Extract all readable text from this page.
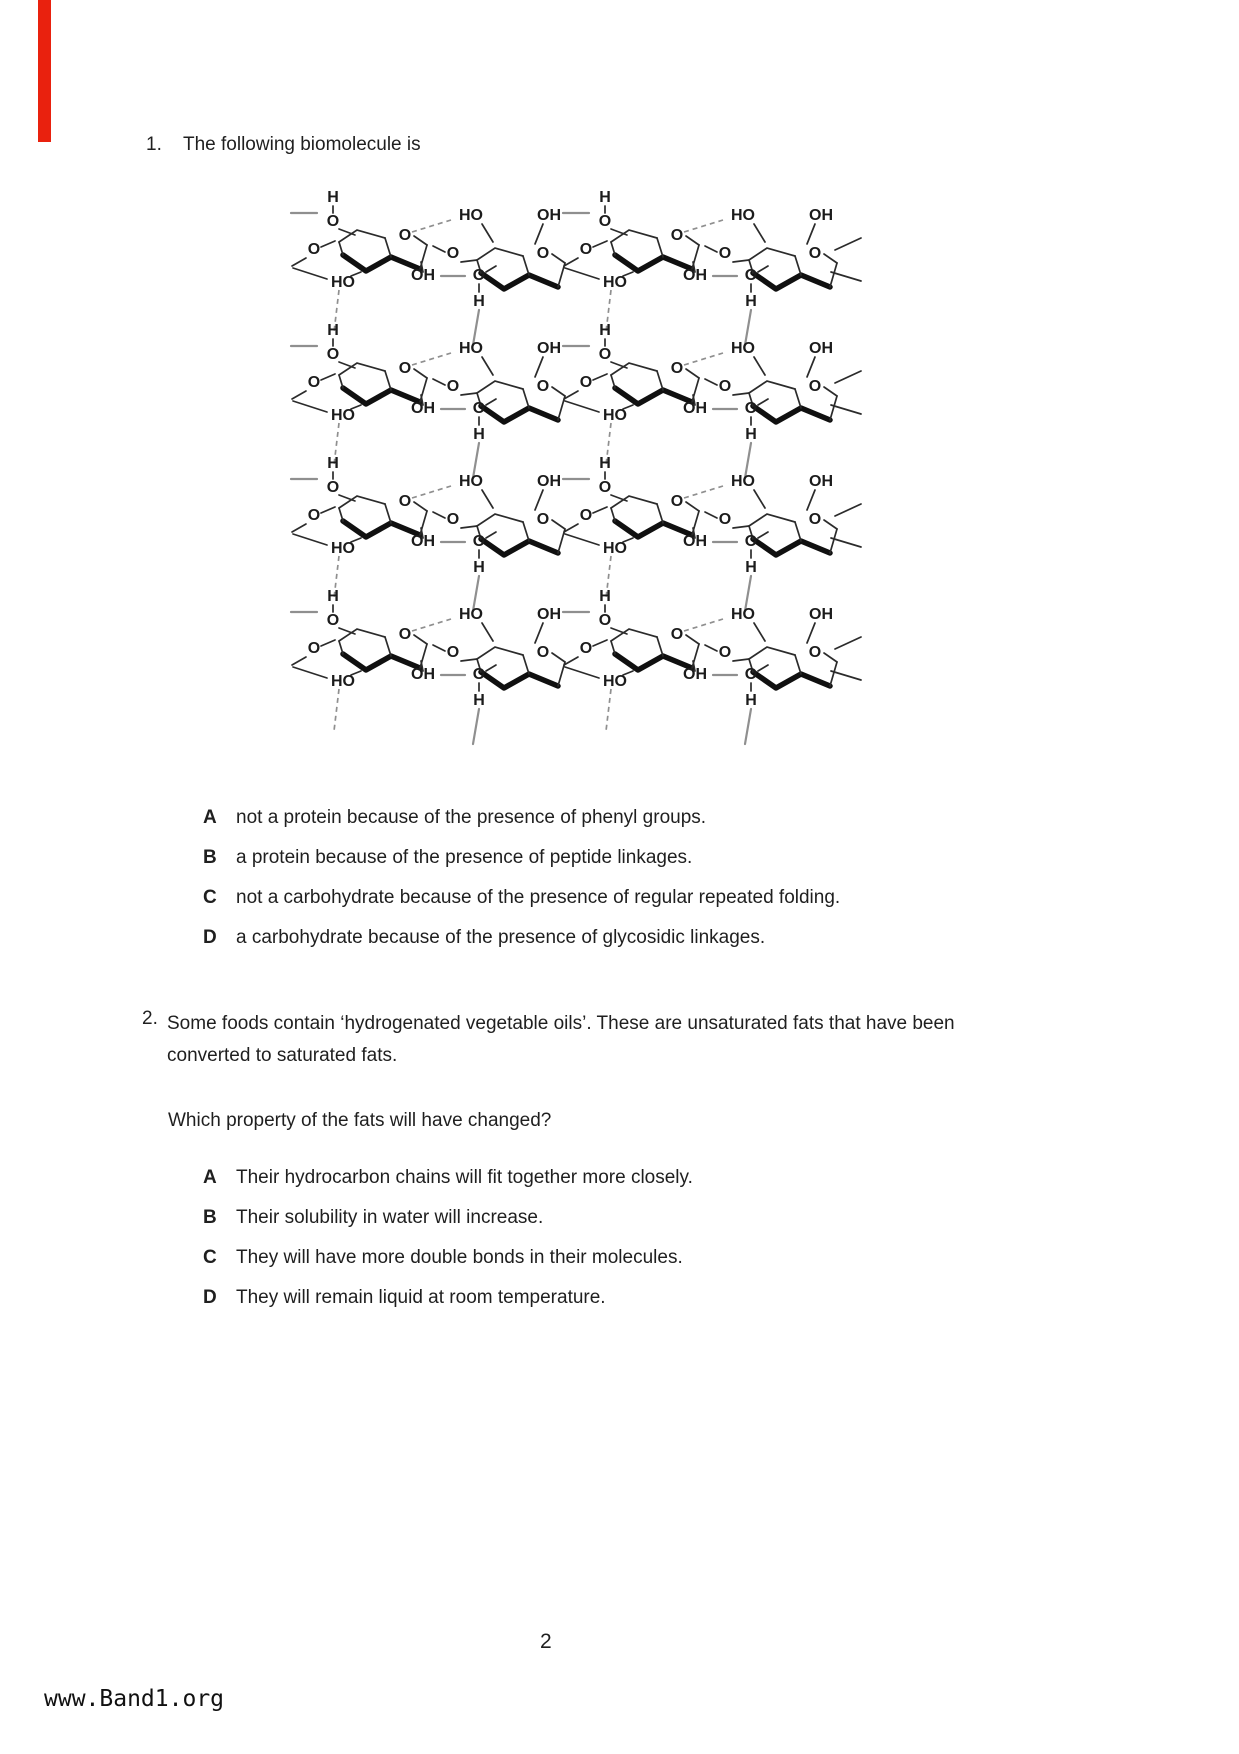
1.	The following biomolecule is
A	not a protein because of the presence of phenyl groups.
B	a protein because of the presence of peptide linkages.
C	not a carbohydrate because of the presence of regular repeated folding.
D	a carbohydrate because of the presence of glycosidic linkages.
2. Some foods contain ‘hydrogenated vegetable oils’. These are unsaturated fats that have been converted to saturated fats.
Which property of the fats will have changed?
A	Their hydrocarbon chains will fit together more closely.
B	Their solubility in water will increase.
C	They will have more double bonds in their molecules.
D	They will remain liquid at room temperature.
2
www.Band1.org
